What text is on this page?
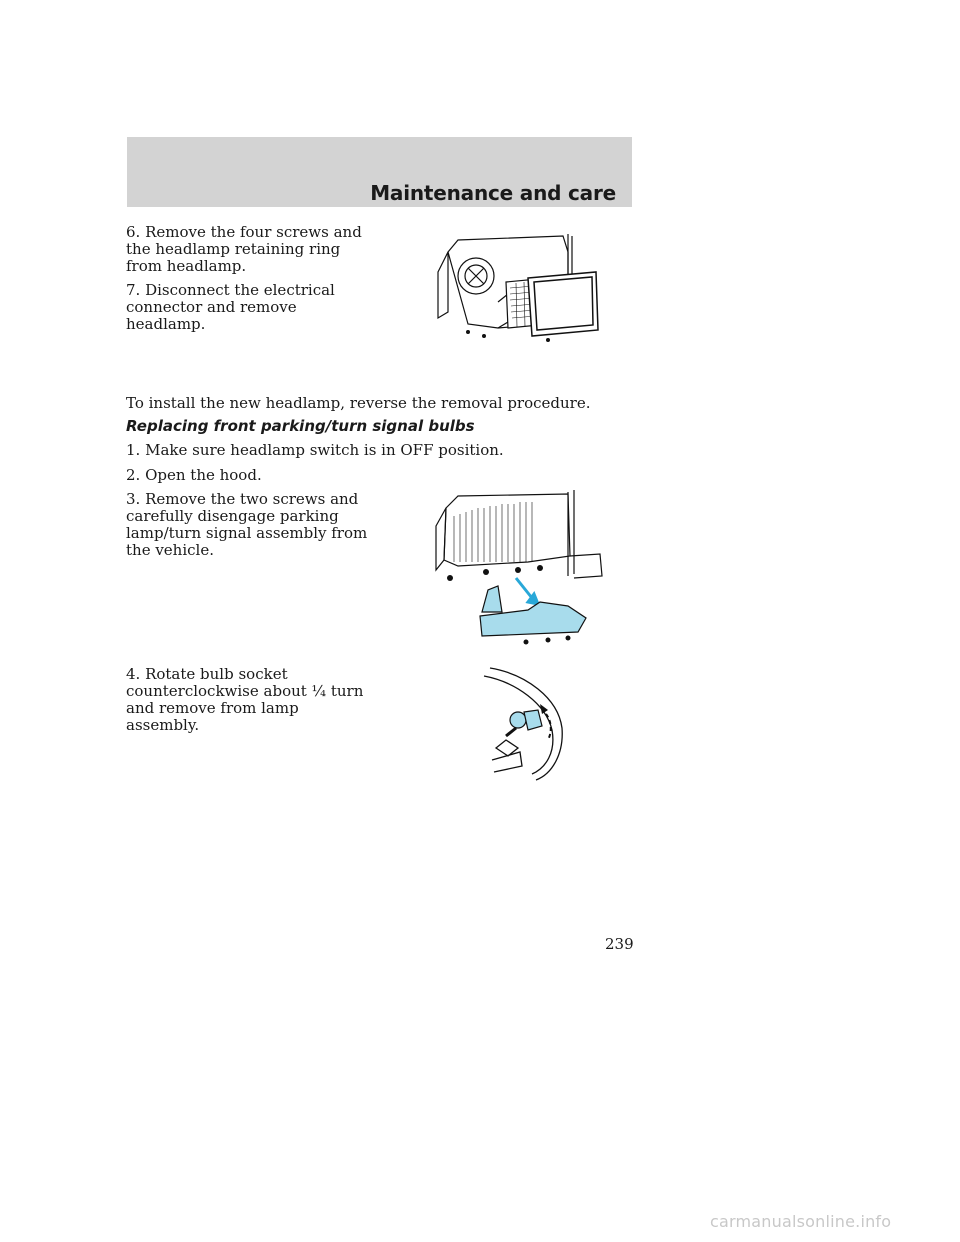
Maintenance and care

6. Remove the four screws and the headlamp retaining ring from headlamp.

7. Disconnect the electrical connector and remove headlamp.

To install the new headlamp, reverse the removal procedure.

Replacing front parking/turn signal bulbs

1. Make sure headlamp switch is in OFF position.

2. Open the hood.

3. Remove the two screws and carefully disengage parking lamp/turn signal assembly from the vehicle.

4. Rotate bulb socket counterclockwise about ¼ turn and remove from lamp assembly.

239
carmanualsonline.info
